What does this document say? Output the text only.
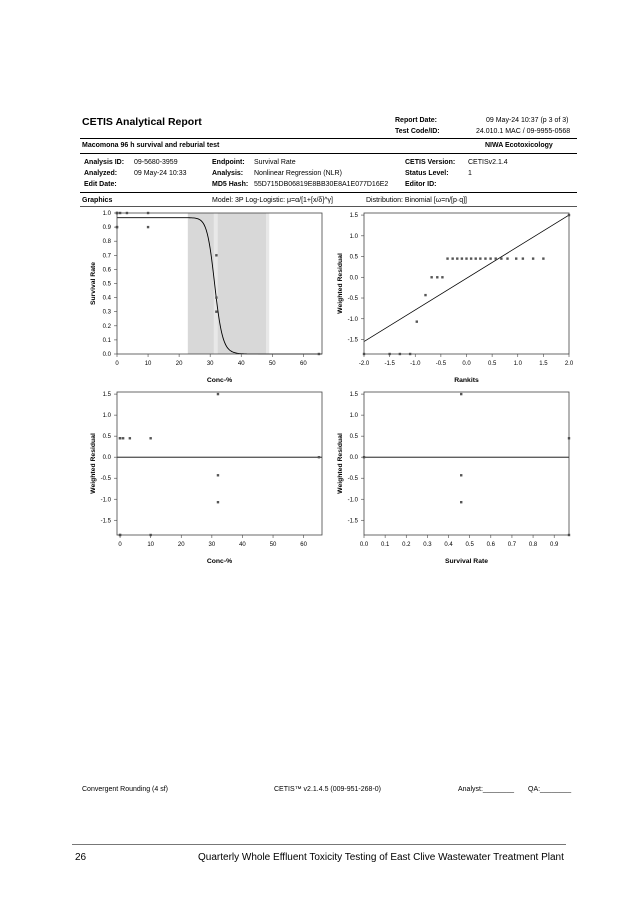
CETIS Analytical Report	Report Date:	09 May-24 10:37 (p 3 of 3)
Test Code/ID:	24.010.1 MAC / 09-9955-0568
Macomona 96 h survival and reburial test	NIWA Ecotoxicology
Analysis ID: 09-5680-3959
Analyzed: 09 May-24 10:33
Edit Date:
Endpoint: Survival Rate
Analysis: Nonlinear Regression (NLR)
MD5 Hash: 55D715DB06819E8BB30E8A1E077D16E2
CETIS Version: CETISv2.1.4
Status Level:	1
Editor ID:
Graphics	Model: 3P Log-Logistic: μ=α/[1+[x/δ]^γ]	Distribution: Binomial [ω=n/[p·q]]
0	10	20	30	40	50	60
0.0
0.1
0.2
0.3
0.4
0.5
0.6
0.7
0.8
0.9
1.0
Conc-%
Survival Rate
-2.0	-1.5	-1.0	-0.5	0.0	0.5	1.0	1.5	2.0
-1.5
-1.0
-0.5
0.0
0.5
1.0
1.5
Rankits
Weighted Residual
0	10	20	30	40	50	60
-1.5
-1.0
-0.5
0.0
0.5
1.0
1.5
Conc-%
Weighted Residual
0.0 0.1 0.2 0.3 0.4 0.5 0.6 0.7 0.8 0.9
-1.5
-1.0
-0.5
0.0
0.5
1.0
1.5
Survival Rate
Weighted Residual
Convergent Rounding (4 sf)	CETIS™ v2.1.4.5 (009-951-268-0)	Analyst:________ QA:________
26	Quarterly Whole Effluent Toxicity Testing of East Clive Wastewater Treatment Plant
